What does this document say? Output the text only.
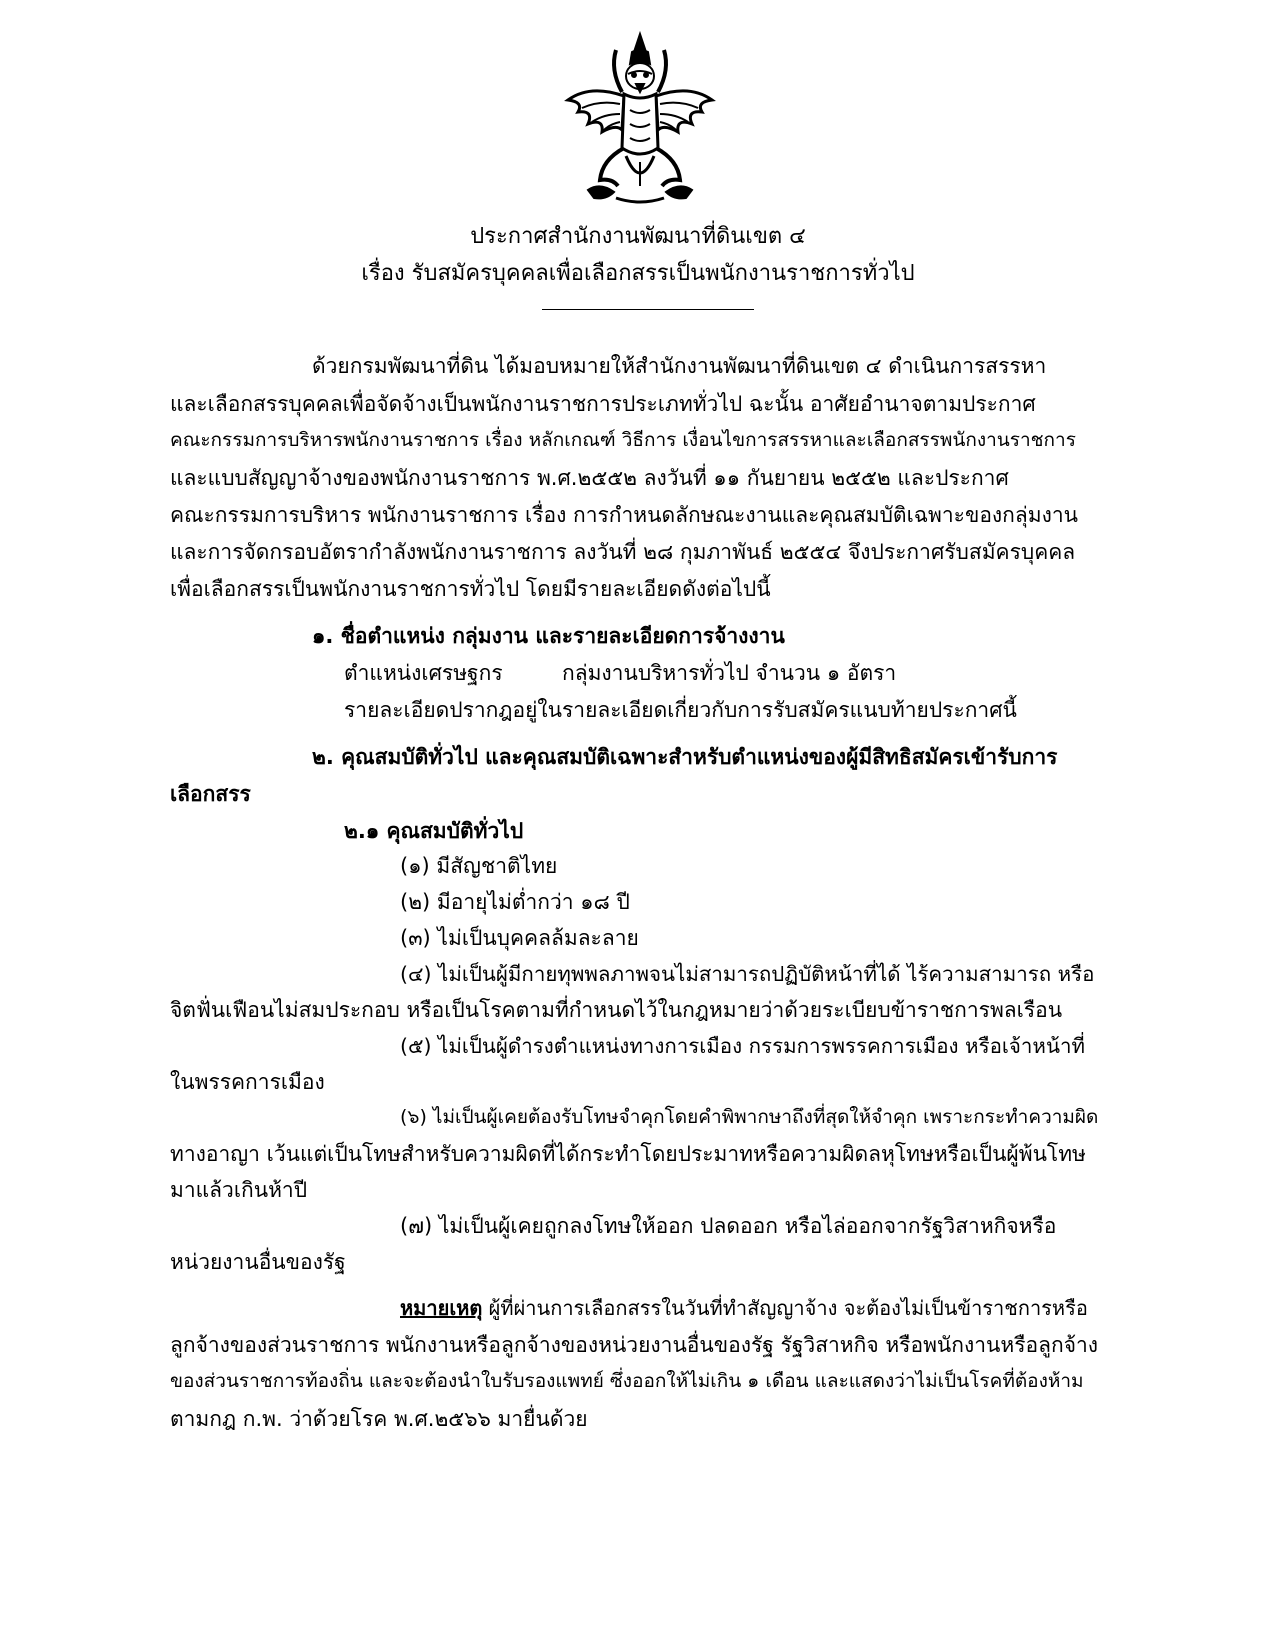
ประกาศสำนักงานพัฒนาที่ดินเขต ๔
เรื่อง รับสมัครบุคคลเพื่อเลือกสรรเป็นพนักงานราชการทั่วไป
ด้วยกรมพัฒนาที่ดิน ได้มอบหมายให้สำนักงานพัฒนาที่ดินเขต ๔ ดำเนินการสรรหา
และเลือกสรรบุคคลเพื่อจัดจ้างเป็นพนักงานราชการประเภททั่วไป ฉะนั้น อาศัยอำนาจตามประกาศ
คณะกรรมการบริหารพนักงานราชการ เรื่อง หลักเกณฑ์ วิธีการ เงื่อนไขการสรรหาและเลือกสรรพนักงานราชการ
และแบบสัญญาจ้างของพนักงานราชการ พ.ศ.๒๕๕๒ ลงวันที่ ๑๑ กันยายน ๒๕๕๒ และประกาศ
คณะกรรมการบริหาร พนักงานราชการ เรื่อง การกำหนดลักษณะงานและคุณสมบัติเฉพาะของกลุ่มงาน
และการจัดกรอบอัตรากำลังพนักงานราชการ ลงวันที่ ๒๘ กุมภาพันธ์ ๒๕๕๔ จึงประกาศรับสมัครบุคคล
เพื่อเลือกสรรเป็นพนักงานราชการทั่วไป โดยมีรายละเอียดดังต่อไปนี้
๑. ชื่อตำแหน่ง กลุ่มงาน และรายละเอียดการจ้างงาน
ตำแหน่งเศรษฐกร	กลุ่มงานบริหารทั่วไป จำนวน ๑ อัตรา
รายละเอียดปรากฎอยู่ในรายละเอียดเกี่ยวกับการรับสมัครแนบท้ายประกาศนี้
๒. คุณสมบัติทั่วไป และคุณสมบัติเฉพาะสำหรับตำแหน่งของผู้มีสิทธิสมัครเข้ารับการ
เลือกสรร
๒.๑ คุณสมบัติทั่วไป
(๑) มีสัญชาติไทย
(๒) มีอายุไม่ต่ำกว่า ๑๘ ปี
(๓) ไม่เป็นบุคคลล้มละลาย
(๔) ไม่เป็นผู้มีกายทุพพลภาพจนไม่สามารถปฏิบัติหน้าที่ได้ ไร้ความสามารถ หรือ
จิตฟั่นเฟือนไม่สมประกอบ หรือเป็นโรคตามที่กำหนดไว้ในกฎหมายว่าด้วยระเบียบข้าราชการพลเรือน
(๕) ไม่เป็นผู้ดำรงตำแหน่งทางการเมือง กรรมการพรรคการเมือง หรือเจ้าหน้าที่
ในพรรคการเมือง
(๖) ไม่เป็นผู้เคยต้องรับโทษจำคุกโดยคำพิพากษาถึงที่สุดให้จำคุก เพราะกระทำความผิด
ทางอาญา เว้นแต่เป็นโทษสำหรับความผิดที่ได้กระทำโดยประมาทหรือความผิดลหุโทษหรือเป็นผู้พ้นโทษ
มาแล้วเกินห้าปี
(๗) ไม่เป็นผู้เคยถูกลงโทษให้ออก ปลดออก หรือไล่ออกจากรัฐวิสาหกิจหรือ
หน่วยงานอื่นของรัฐ
หมายเหตุ ผู้ที่ผ่านการเลือกสรรในวันที่ทำสัญญาจ้าง จะต้องไม่เป็นข้าราชการหรือ
ลูกจ้างของส่วนราชการ พนักงานหรือลูกจ้างของหน่วยงานอื่นของรัฐ รัฐวิสาหกิจ หรือพนักงานหรือลูกจ้าง
ของส่วนราชการท้องถิ่น และจะต้องนำใบรับรองแพทย์ ซึ่งออกให้ไม่เกิน ๑ เดือน และแสดงว่าไม่เป็นโรคที่ต้องห้าม
ตามกฎ ก.พ. ว่าด้วยโรค พ.ศ.๒๕๖๖ มายื่นด้วย
